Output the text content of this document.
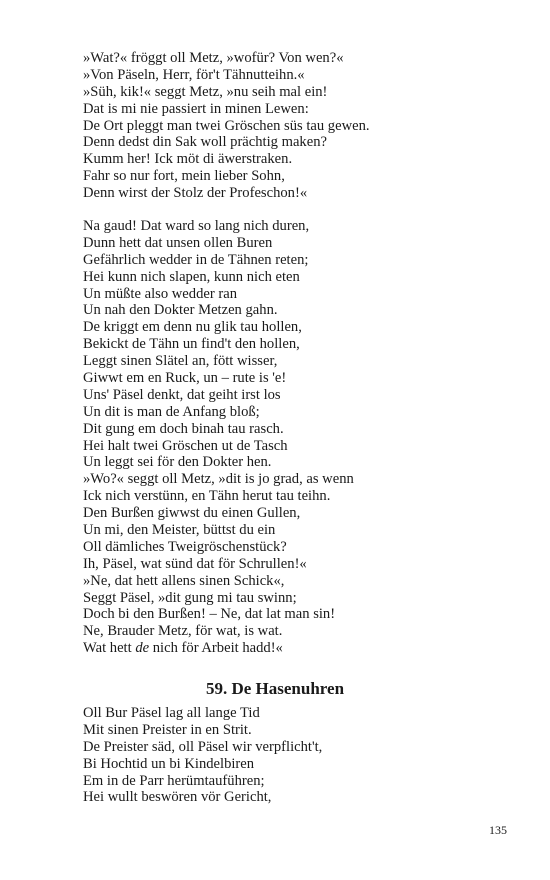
»Wat?« fröggt oll Metz, »wofür? Von wen?«
»Von Päseln, Herr, för't Tähnutteihn.«
»Süh, kik!« seggt Metz, »nu seih mal ein!
Dat is mi nie passiert in minen Lewen:
De Ort pleggt man twei Gröschen süs tau gewen.
Denn dedst din Sak woll prächtig maken?
Kumm her! Ick möt di äwerstraken.
Fahr so nur fort, mein lieber Sohn,
Denn wirst der Stolz der Profeschon!«
Na gaud! Dat ward so lang nich duren,
Dunn hett dat unsen ollen Buren
Gefährlich wedder in de Tähnen reten;
Hei kunn nich slapen, kunn nich eten
Un müßte also wedder ran
Un nah den Dokter Metzen gahn.
De kriggt em denn nu glik tau hollen,
Bekickt de Tähn un find't den hollen,
Leggt sinen Slätel an, fött wisser,
Giwwt em en Ruck, un – rute is 'e!
Uns' Päsel denkt, dat geiht irst los
Un dit is man de Anfang bloß;
Dit gung em doch binah tau rasch.
Hei halt twei Gröschen ut de Tasch
Un leggt sei för den Dokter hen.
»Wo?« seggt oll Metz, »dit is jo grad, as wenn
Ick nich verstünn, en Tähn herut tau teihn.
Den Burßen giwwst du einen Gullen,
Un mi, den Meister, büttst du ein
Oll dämliches Tweigröschenstück?
Ih, Päsel, wat sünd dat för Schrullen!«
»Ne, dat hett allens sinen Schick«,
Seggt Päsel, »dit gung mi tau swinn;
Doch bi den Burßen! – Ne, dat lat man sin!
Ne, Brauder Metz, för wat, is wat.
Wat hett de nich för Arbeit hadd!«
59. De Hasenuhren
Oll Bur Päsel lag all lange Tid
Mit sinen Preister in en Strit.
De Preister säd, oll Päsel wir verpflicht't,
Bi Hochtid un bi Kindelbiren
Em in de Parr herümtauführen;
Hei wullt beswören vör Gericht,
135
